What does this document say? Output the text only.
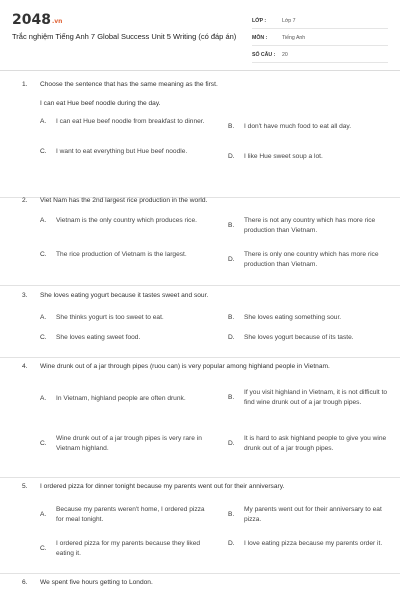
2048.vn
Trắc nghiệm Tiếng Anh 7 Global Success Unit 5 Writing (có đáp án)
LỚP :	Lớp 7
MÔN :	Tiếng Anh
SỐ CÂU :	20
1.	Choose the sentence that has the same meaning as the first.
I can eat Hue beef noodle during the day.
A.	I can eat Hue beef noodle from breakfast to dinner.
B.	I don't have much food to eat all day.
C.	I want to eat everything but Hue beef noodle.
D.	I like Hue sweet soup a lot.
2.	Viet Nam has the 2nd largest rice production in the world.
A.	Vietnam is the only country which produces rice.
B.
There is not any country which has more rice production than Vietnam.
C.	The rice production of Vietnam is the largest.
D.
There is only one country which has more rice production than Vietnam.
3.	She loves eating yogurt because it tastes sweet and sour.
A.	She thinks yogurt is too sweet to eat.	B.	She loves eating something sour.
C.	She loves eating sweet food.	D.	She loves yogurt because of its taste.
4.	Wine drunk out of a jar through pipes (ruou can) is very popular among highland people in Vietnam.
A.	In Vietnam, highland people are often drunk.	B.
If you visit highland in Vietnam, it is not difficult to find wine drunk out of a jar trough pipes.
C.
Wine drunk out of a jar trough pipes is very rare in Vietnam highland.
D.
It is hard to ask highland people to give you wine drunk out of a jar trough pipes.
5.	I ordered pizza for dinner tonight because my parents went out for their anniversary.
A.
Because my parents weren't home, I ordered pizza for meal tonight.
B.
My parents went out for their anniversary to eat pizza.
C.
I ordered pizza for my parents because they liked eating it.
D.	I love eating pizza because my parents order it.
6.	We spent five hours getting to London.
